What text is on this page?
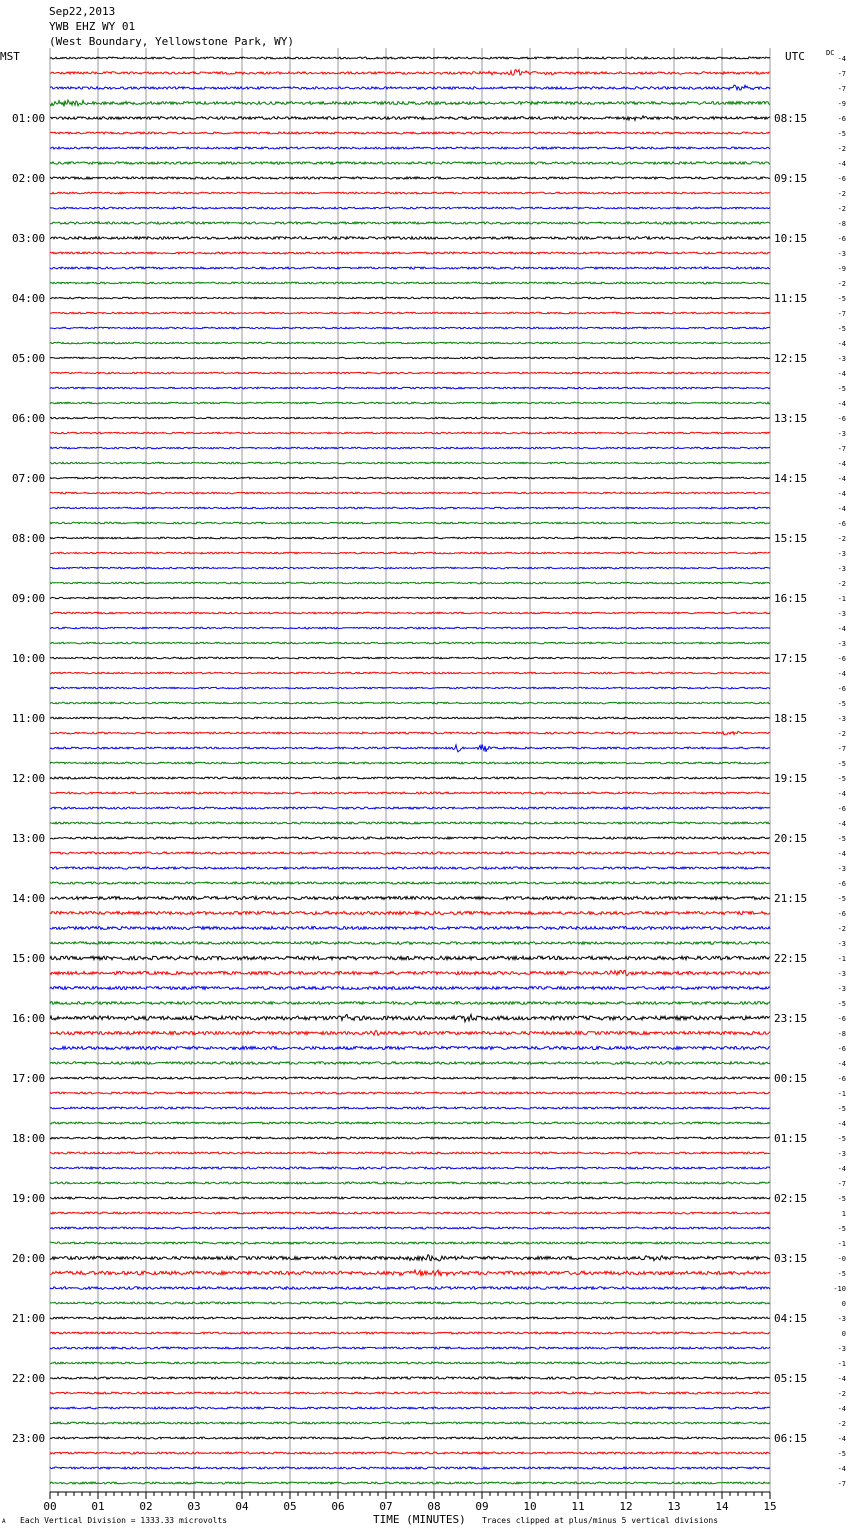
00	01	02	03	04	05	06	07	08	09	10	11	12	13	14	15
01:00
02:00
03:00
04:00
05:00
06:00
07:00
08:00
09:00
10:00
11:00
12:00
13:00
14:00
15:00
16:00
17:00
18:00
19:00
20:00
21:00
22:00
23:00
08:15
09:15
10:15
11:15
12:15
13:15
14:15
15:15
16:15
17:15
18:15
19:15
20:15
21:15
22:15
23:15
00:15
01:15
02:15
03:15
04:15
05:15
06:15
-4
-7
-7
-9
-6
-5
-2
-4
-6
-2
-2
-8
-6
-3
-9
-2
-5
-7
-5
-4
-3
-4
-5
-4
-6
-3
-7
-4
-4
-4
-4
-6
-2
-3
-3
-2
-1
-3
-4
-3
-6
-4
-6
-5
-3
-2
-7
-5
-5
-4
-6
-4
-5
-4
-3
-6
-5
-6
-2
-3
-1
-3
-3
-5
-6
-8
-6
-4
-6
-1
-5
-4
-5
-3
-4
-7
-5
1
-5
-1
-0
-5
-10
0
-3
0
-3
-1
-4
-2
-4
-2
-4
-5
-4
-7
Sep22,2013
YWB EHZ WY 01
(West Boundary, Yellowstone Park, WY)
MST	UTC	DC
A Each Vertical Division = 1333.33 microvolts	TIME (MINUTES) Traces clipped at plus/minus 5 vertical divisions
